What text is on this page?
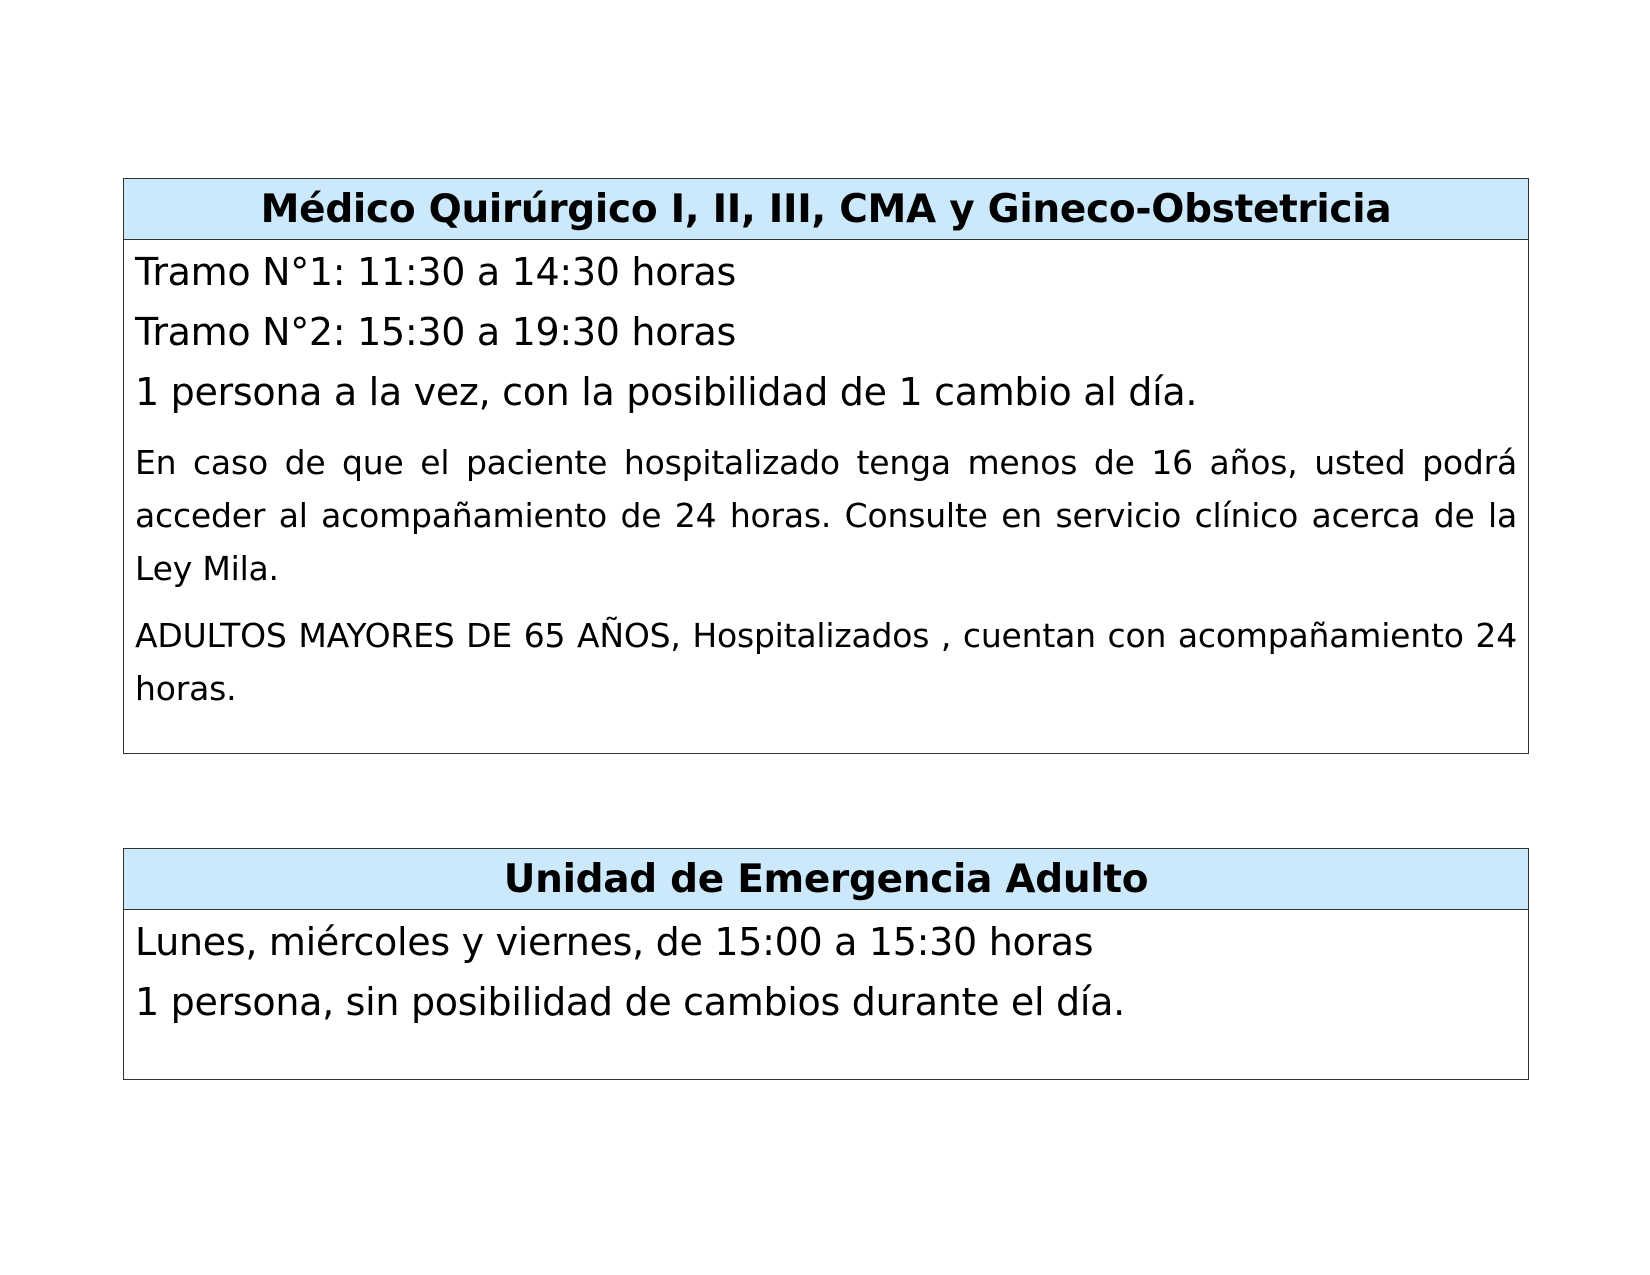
Médico Quirúrgico I, II, III, CMA y Gineco-Obstetricia
Tramo N°1: 11:30 a 14:30 horas
Tramo N°2: 15:30 a 19:30 horas
1 persona a la vez, con la posibilidad de 1 cambio al día.

En caso de que el paciente hospitalizado tenga menos de 16 años, usted podrá acceder al acompañamiento de 24 horas. Consulte en servicio clínico acerca de la Ley Mila.

ADULTOS MAYORES DE 65 AÑOS, Hospitalizados , cuentan con acompañamiento 24 horas.

Unidad de Emergencia Adulto
Lunes, miércoles y viernes, de 15:00 a 15:30 horas
1 persona, sin posibilidad de cambios durante el día.
